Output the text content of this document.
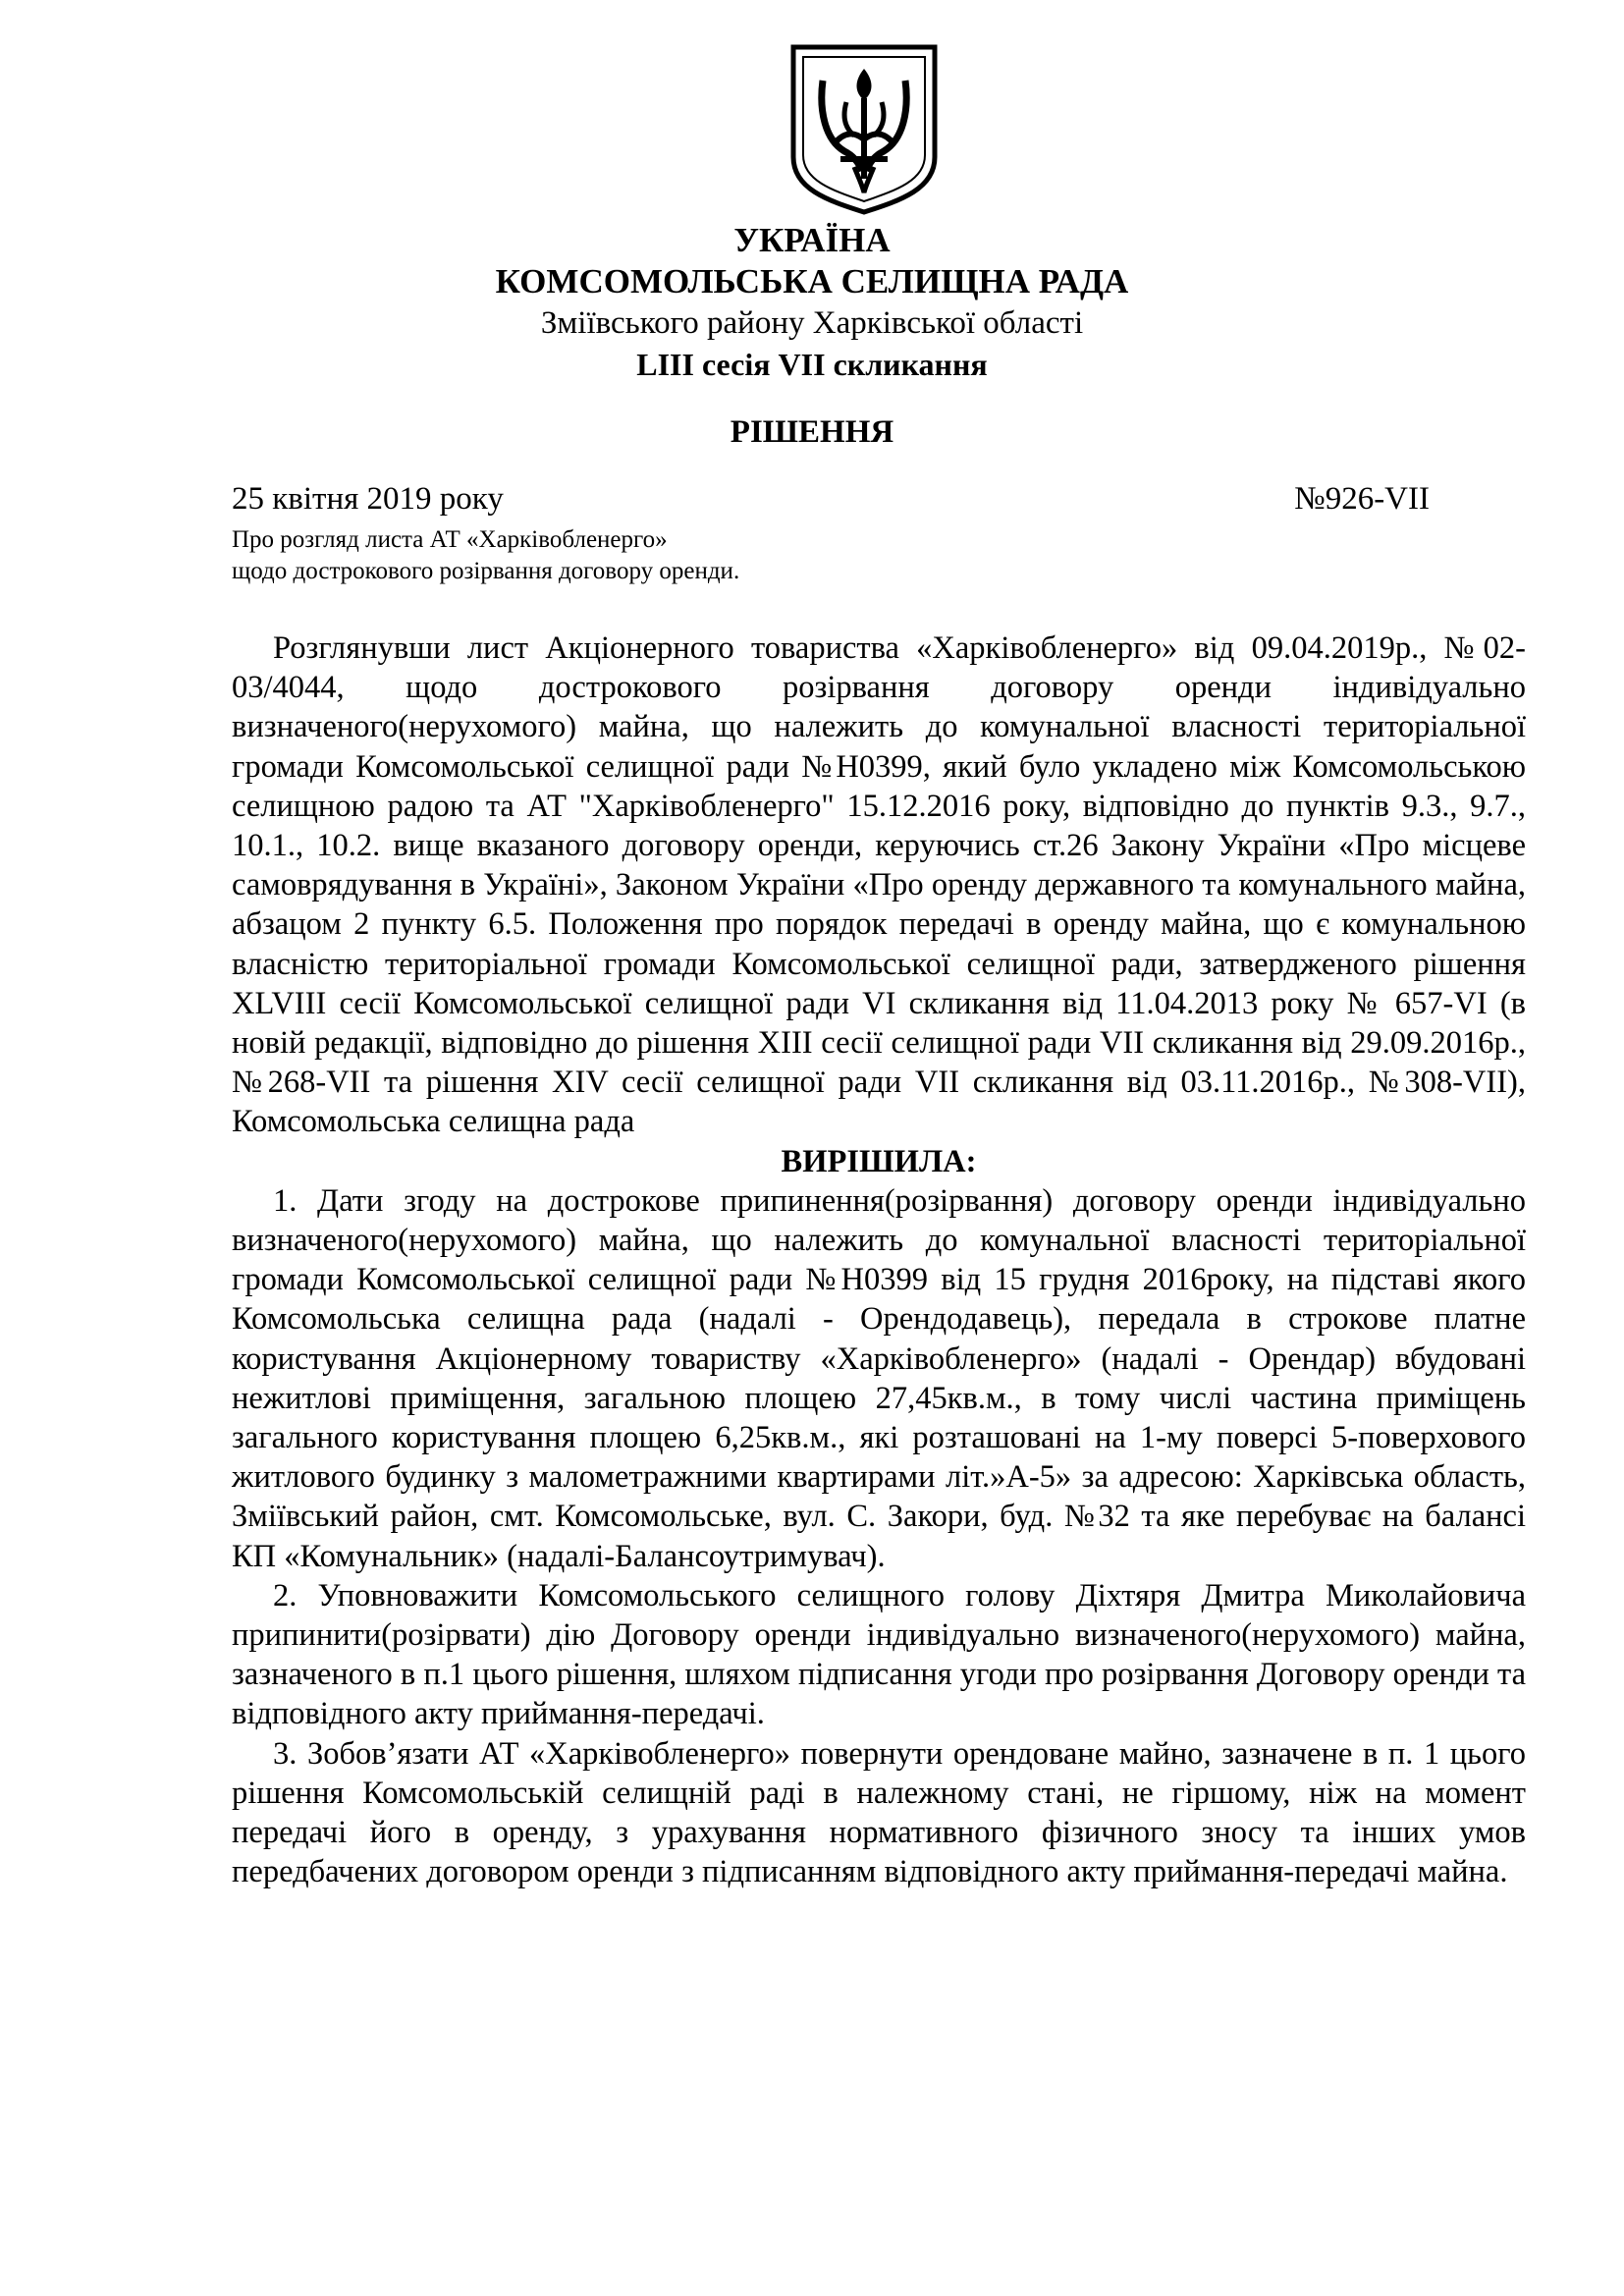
УКРАЇНА
КОМСОМОЛЬСЬКА СЕЛИЩНА РАДА
Зміївського району Харківської області
LIII сесія VII скликання
РІШЕННЯ
25 квітня 2019 року	№926-VII
Про розгляд листа АТ «Харківобленерго»
щодо дострокового розірвання договору оренди.

Розглянувши лист Акціонерного товариства «Харківобленерго» від 09.04.2019р., №02-03/4044, щодо дострокового розірвання договору оренди індивідуально визначеного(нерухомого) майна, що належить до комунальної власності територіальної громади Комсомольської селищної ради №Н0399, який було укладено між Комсомольською селищною радою та АТ "Харківобленерго" 15.12.2016 року, відповідно до пунктів 9.3., 9.7., 10.1., 10.2. вище вказаного договору оренди, керуючись ст.26 Закону України «Про місцеве самоврядування в Україні», Законом України «Про оренду державного та комунального майна, абзацом 2 пункту 6.5. Положення про порядок передачі в оренду майна, що є комунальною власністю територіальної громади Комсомольської селищної ради, затвердженого рішення XLVIII сесії Комсомольської селищної ради VI скликання від 11.04.2013 року № 657-VI (в новій редакції, відповідно до рішення XIII сесії селищної ради VII скликання від 29.09.2016р., №268-VII та рішення XIV сесії селищної ради VII скликання від 03.11.2016р., №308-VII), Комсомольська селищна рада

ВИРІШИЛА:

1. Дати згоду на дострокове припинення(розірвання) договору оренди індивідуально визначеного(нерухомого) майна, що належить до комунальної власності територіальної громади Комсомольської селищної ради №Н0399 від 15 грудня 2016року, на підставі якого Комсомольська селищна рада (надалі - Орендодавець), передала в строкове платне користування Акціонерному товариству «Харківобленерго» (надалі - Орендар) вбудовані нежитлові приміщення, загальною площею 27,45кв.м., в тому числі частина приміщень загального користування площею 6,25кв.м., які розташовані на 1-му поверсі 5-поверхового житлового будинку з малометражними квартирами літ.»А-5» за адресою: Харківська область, Зміївський район, смт. Комсомольське, вул. С. Закори, буд. №32 та яке перебуває на балансі КП «Комунальник» (надалі-Балансоутримувач).

2. Уповноважити Комсомольського селищного голову Діхтяря Дмитра Миколайовича припинити(розірвати) дію Договору оренди індивідуально визначеного(нерухомого) майна, зазначеного в п.1 цього рішення, шляхом підписання угоди про розірвання Договору оренди та відповідного акту приймання-передачі.

3. Зобов’язати АТ «Харківобленерго» повернути орендоване майно, зазначене в п. 1 цього рішення Комсомольській селищній раді в належному стані, не гіршому, ніж на момент передачі його в оренду, з урахування нормативного фізичного зносу та інших умов передбачених договором оренди з підписанням відповідного акту приймання-передачі майна.
